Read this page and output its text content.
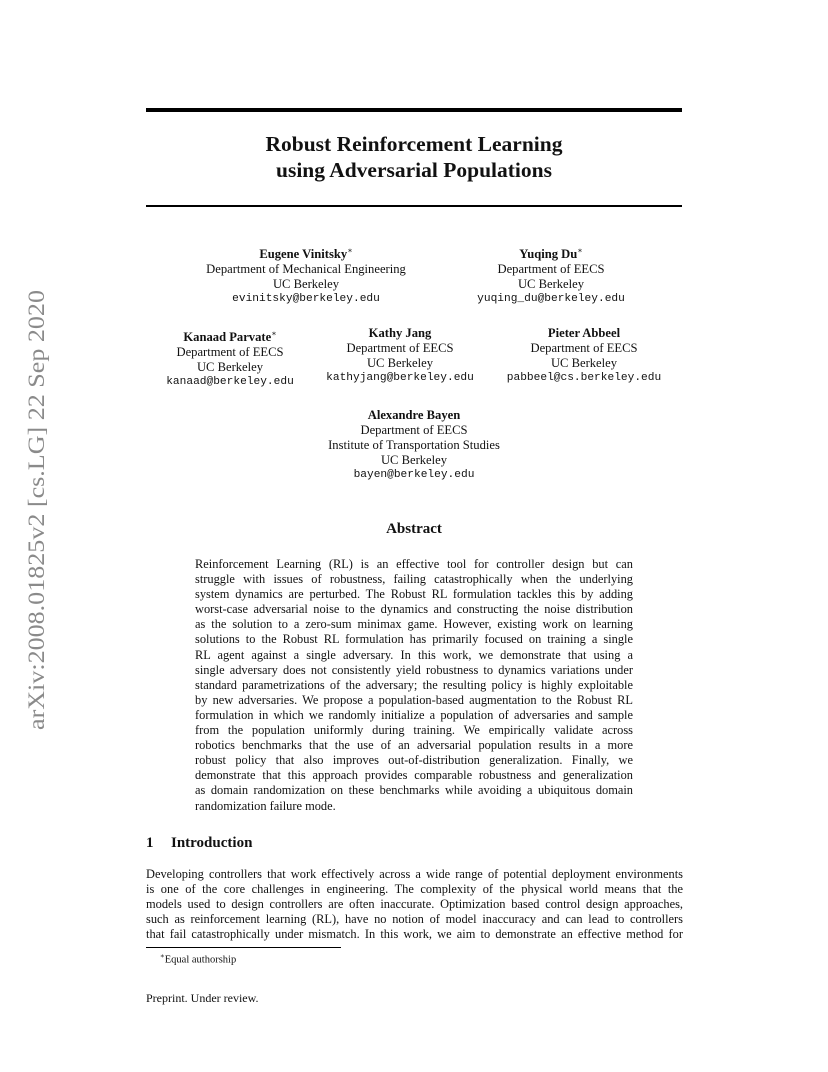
arXiv:2008.01825v2 [cs.LG] 22 Sep 2020
Robust Reinforcement Learning
using Adversarial Populations
Eugene Vinitsky∗
Department of Mechanical Engineering
UC Berkeley
evinitsky@berkeley.edu
Yuqing Du∗
Department of EECS
UC Berkeley
yuqing_du@berkeley.edu
Kanaad Parvate∗
Department of EECS
UC Berkeley
kanaad@berkeley.edu
Kathy Jang
Department of EECS
UC Berkeley
kathyjang@berkeley.edu
Pieter Abbeel
Department of EECS
UC Berkeley
pabbeel@cs.berkeley.edu
Alexandre Bayen
Department of EECS
Institute of Transportation Studies
UC Berkeley
bayen@berkeley.edu
Abstract
Reinforcement Learning (RL) is an effective tool for controller design but can
struggle with issues of robustness, failing catastrophically when the underlying
system dynamics are perturbed. The Robust RL formulation tackles this by adding
worst-case adversarial noise to the dynamics and constructing the noise distribution
as the solution to a zero-sum minimax game. However, existing work on learning
solutions to the Robust RL formulation has primarily focused on training a single
RL agent against a single adversary. In this work, we demonstrate that using a
single adversary does not consistently yield robustness to dynamics variations under
standard parametrizations of the adversary; the resulting policy is highly exploitable
by new adversaries. We propose a population-based augmentation to the Robust RL
formulation in which we randomly initialize a population of adversaries and sample
from the population uniformly during training. We empirically validate across
robotics benchmarks that the use of an adversarial population results in a more
robust policy that also improves out-of-distribution generalization. Finally, we
demonstrate that this approach provides comparable robustness and generalization
as domain randomization on these benchmarks while avoiding a ubiquitous domain
randomization failure mode.
1 Introduction
Developing controllers that work effectively across a wide range of potential deployment environments
is one of the core challenges in engineering. The complexity of the physical world means that the
models used to design controllers are often inaccurate. Optimization based control design approaches,
such as reinforcement learning (RL), have no notion of model inaccuracy and can lead to controllers
that fail catastrophically under mismatch. In this work, we aim to demonstrate an effective method for
∗Equal authorship
Preprint. Under review.
